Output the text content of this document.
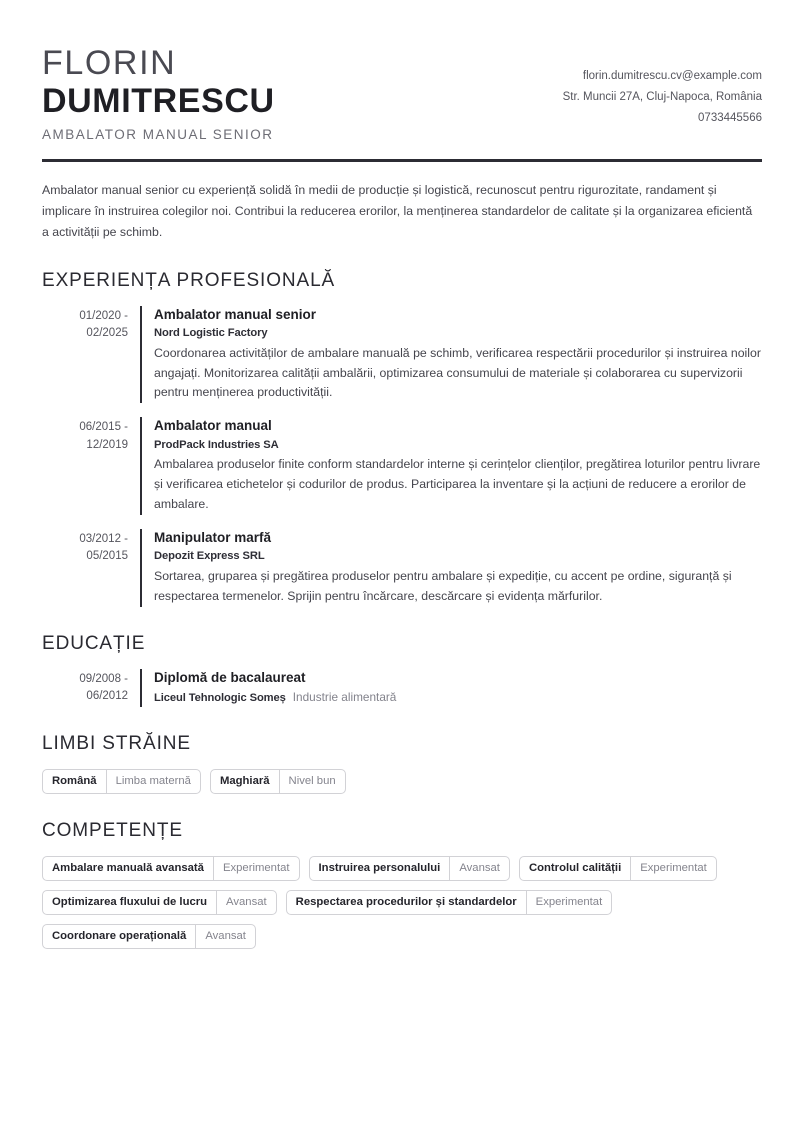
FLORIN
DUMITRESCU
AMBALATOR MANUAL SENIOR
florin.dumitrescu.cv@example.com
Str. Muncii 27A, Cluj-Napoca, România
0733445566
Ambalator manual senior cu experiență solidă în medii de producție și logistică, recunoscut pentru rigurozitate, randament și implicare în instruirea colegilor noi. Contribui la reducerea erorilor, la menținerea standardelor de calitate și la organizarea eficientă a activității pe schimb.
EXPERIENȚA PROFESIONALĂ
01/2020 -
02/2025
Ambalator manual senior
Nord Logistic Factory
Coordonarea activităților de ambalare manuală pe schimb, verificarea respectării procedurilor și instruirea noilor angajați. Monitorizarea calității ambalării, optimizarea consumului de materiale și colaborarea cu supervizorii pentru menținerea productivității.
06/2015 -
12/2019
Ambalator manual
ProdPack Industries SA
Ambalarea produselor finite conform standardelor interne și cerințelor clienților, pregătirea loturilor pentru livrare și verificarea etichetelor și codurilor de produs. Participarea la inventare și la acțiuni de reducere a erorilor de ambalare.
03/2012 -
05/2015
Manipulator marfă
Depozit Express SRL
Sortarea, gruparea și pregătirea produselor pentru ambalare și expediție, cu accent pe ordine, siguranță și respectarea termenelor. Sprijin pentru încărcare, descărcare și evidența mărfurilor.
EDUCAȚIE
09/2008 -
06/2012
Diplomă de bacalaureat
Liceul Tehnologic Someș Industrie alimentară
LIMBI STRĂINE
Română	Limba maternă	Maghiară	Nivel bun
COMPETENȚE
Ambalare manuală avansată	Experimentat	Instruirea personalului	Avansat	Controlul calității	Experimentat
Optimizarea fluxului de lucru	Avansat	Respectarea procedurilor și standardelor	Experimentat
Coordonare operațională	Avansat
